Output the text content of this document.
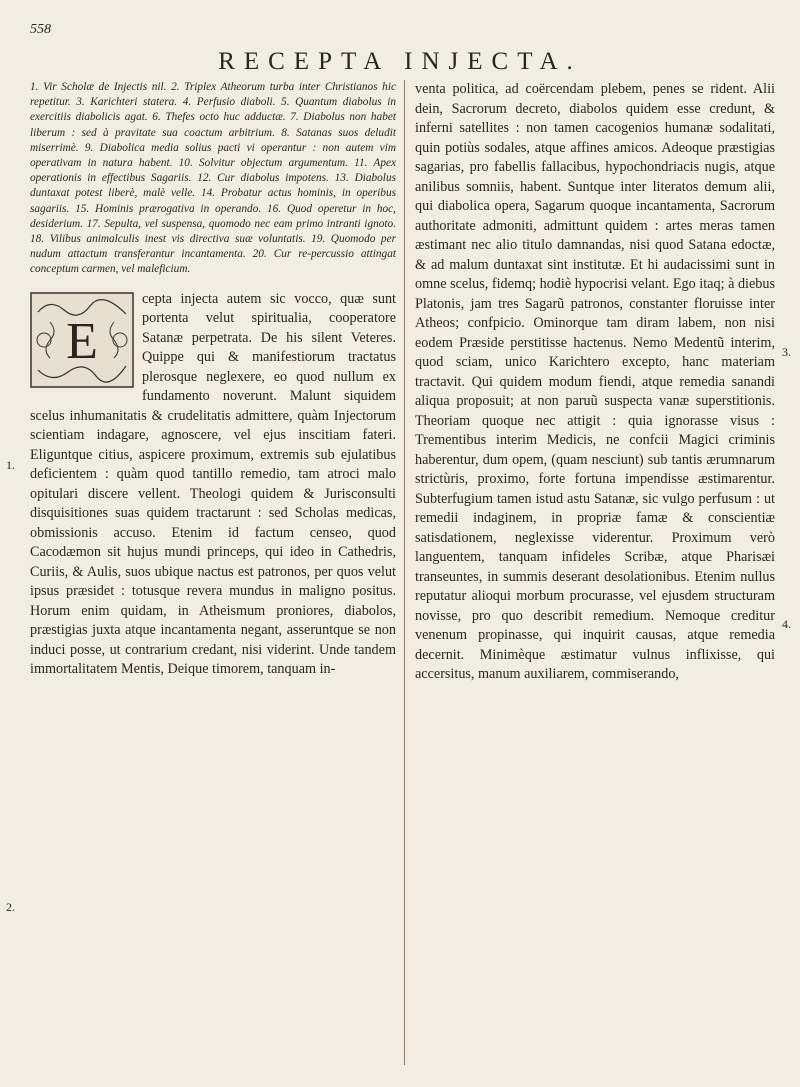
558
RECEPTA INJECTA.

1. Vir Scholæ de Injectis nil. 2. Triplex Atheorum turba inter Christianos hic repetitur. 3. Karichteri statera. 4. Perfusio diaboli. 5. Quantum diabolus in exercitiis diabolicis agat. 6. Thefes octo huc adductæ. 7. Diabolus non habet liberum : sed à pravitate sua coactum arbitrium. 8. Satanas suos deludit miserrimè. 9. Diabolica media solius pacti vi operantur : non autem vim operativam in natura habent. 10. Solvitur objectum argumentum. 11. Apex operationis in effectibus Sagariis. 12. Cur diabolus impotens. 13. Diabolus duntaxat potest liberè, malè velle. 14. Probatur actus hominis, in operibus sagariis. 15. Hominis prærogativa in operando. 16. Quod operetur in hoc, desiderium. 17. Sepulta, vel suspensa, quomodo nec eam primo intranti ignoto. 18. Vilibus animalculis inest vis directiva suæ voluntatis. 19. Quomodo per nudum attactum transferantur incantamenta. 20. Cur re-percussio attingat conceptum carmen, vel maleficium.

E

cepta injecta autem sic vocco, quæ sunt portenta velut spiritualia, cooperatore Satanæ perpetrata. De his silent Veteres. Quippe qui & manifestiorum tractatus plerosque neglexere, eo quod nullum ex fundamento noverunt. Malunt siquidem scelus inhumanitatis & crudelitatis admittere, quàm Injectorum scientiam indagare, agnoscere, vel ejus inscitiam fateri. Eliguntque citius, aspicere proximum, extremis sub ejulatibus deficientem : quàm quod tantillo remedio, tam atroci malo opitulari discere vellent. Theologi quidem & Jurisconsulti disquisitiones suas quidem tractarunt : sed Scholas medicas, obmissionis accuso. Etenim id factum censeo, quod Cacodæmon sit hujus mundi princeps, qui ideo in Cathedris, Curiis, & Aulis, suos ubique nactus est patronos, per quos velut ipsus præsidet : totusque revera mundus in maligno positus. Horum enim quidam, in Atheismum proniores, diabolos, præstigias juxta atque incantamenta negant, asseruntque se non induci posse, ut contrarium credant, nisi viderint. Unde tandem immortalitatem Mentis, Deique timorem, tanquam in-

venta politica, ad coërcendam plebem, penes se rident. Alii dein, Sacrorum decreto, diabolos quidem esse credunt, & inferni satellites : non tamen cacogenios humanæ sodalitati, quin potiùs sodales, atque affines amicos. Adeoque præstigias sagarias, pro fabellis fallacibus, hypochondriacis nugis, atque anilibus somniis, habent. Suntque inter literatos demum alii, qui diabolica opera, Sagarum quoque incantamenta, Sacrorum authoritate admoniti, admittunt quidem : artes meras tamen æstimant nec alio titulo damnandas, nisi quod Satana edoctæ, & ad malum duntaxat sint institutæ. Et hi audacissimi sunt in omne scelus, fidemq; hodiè hypocrisi velant. Ego itaq; à diebus Platonis, jam tres Sagarũ patronos, constanter floruisse inter Atheos; confpicio. Ominorque tam diram labem, non nisi eodem Præside perstitisse hactenus. Nemo Medentũ interim, quod sciam, unico Karichtero excepto, hanc materiam tractavit. Qui quidem modum fiendi, atque remedia sanandi aliqua proposuit; at non paruũ suspecta vanæ superstitionis. Theoriam quoque nec attigit : quia ignorasse visus : Trementibus interim Medicis, ne confcii Magici criminis haberentur, dum opem, (quam nesciunt) sub tantis ærumnarum strictùris, proximo, forte fortuna impendisse æstimarentur. Subterfugium tamen istud astu Satanæ, sic vulgo perfusum : ut remedii indaginem, in propriæ famæ & conscientiæ satisdationem, neglexisse viderentur. Proximum verò languentem, tanquam infideles Scribæ, atque Pharisæi transeuntes, in summis deserant desolationibus. Etenim nullus reputatur alioqui morbum procurasse, vel ejusdem structuram novisse, pro quo describit remedium. Nemoque creditur venenum propinasse, qui inquirit causas, atque remedia decernit. Minimèque æstimatur vulnus inflixisse, qui accersitus, manum auxiliarem, commiserando,

1.
2.
3.
4.
